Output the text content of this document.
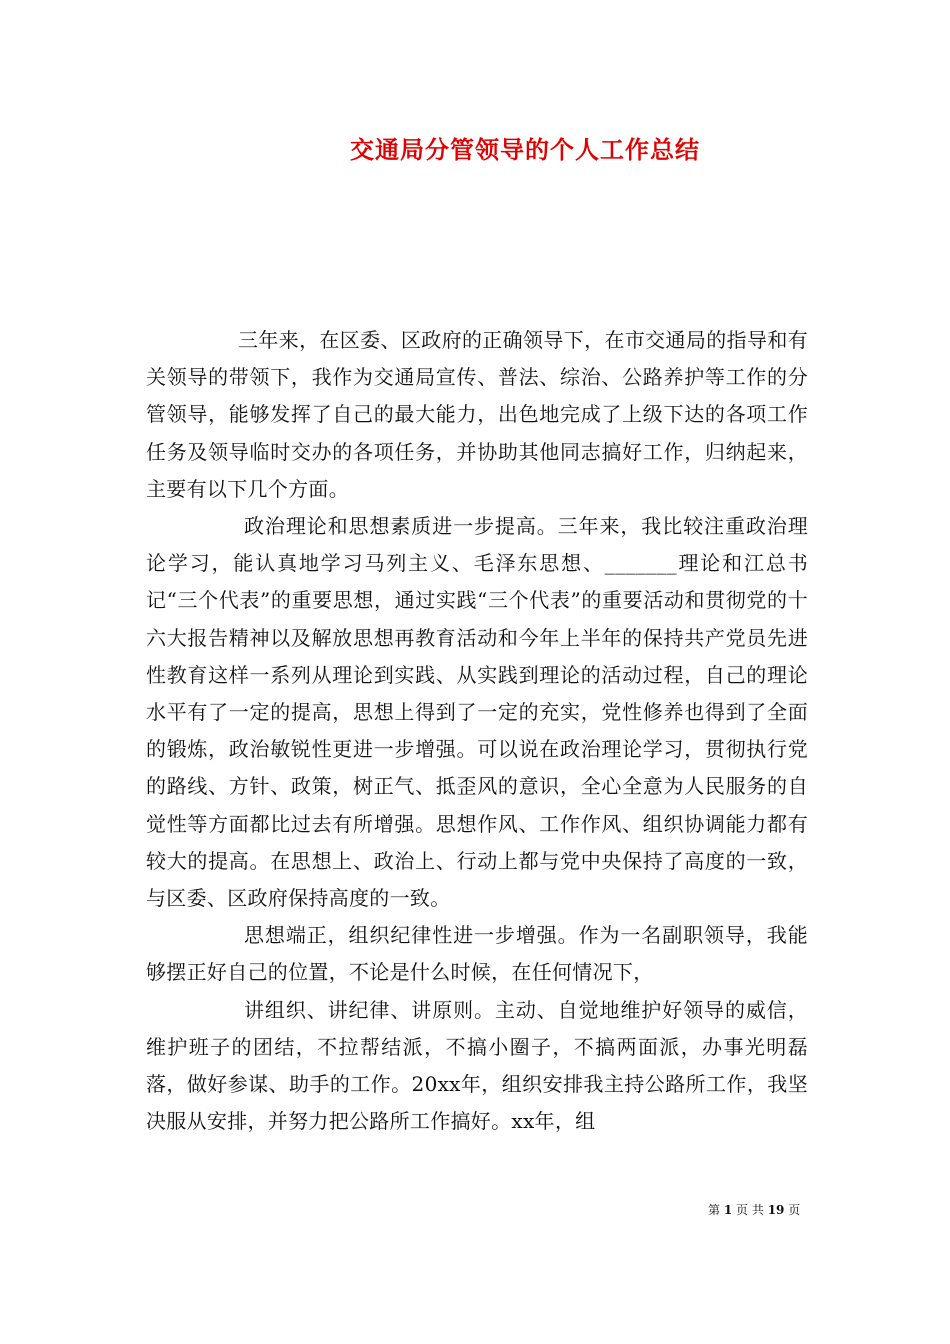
交通局分管领导的个人工作总结

三年来，在区委、区政府的正确领导下，在市交通局的指导和有关领导的带领下，我作为交通局宣传、普法、综治、公路养护等工作的分管领导，能够发挥了自己的最大能力，出色地完成了上级下达的各项工作任务及领导临时交办的各项任务，并协助其他同志搞好工作，归纳起来，主要有以下几个方面。

政治理论和思想素质进一步提高。三年来，我比较注重政治理论学习，能认真地学习马列主义、毛泽东思想、_______理论和江总书记“三个代表”的重要思想，通过实践“三个代表”的重要活动和贯彻党的十六大报告精神以及解放思想再教育活动和今年上半年的保持共产党员先进性教育这样一系列从理论到实践、从实践到理论的活动过程，自己的理论水平有了一定的提高，思想上得到了一定的充实，党性修养也得到了全面的锻炼，政治敏锐性更进一步增强。可以说在政治理论学习，贯彻执行党的路线、方针、政策，树正气、抵歪风的意识，全心全意为人民服务的自觉性等方面都比过去有所增强。思想作风、工作作风、组织协调能力都有较大的提高。在思想上、政治上、行动上都与党中央保持了高度的一致，与区委、区政府保持高度的一致。

思想端正，组织纪律性进一步增强。作为一名副职领导，我能够摆正好自己的位置，不论是什么时候，在任何情况下，

讲组织、讲纪律、讲原则。主动、自觉地维护好领导的威信，维护班子的团结，不拉帮结派，不搞小圈子，不搞两面派，办事光明磊落，做好参谋、助手的工作。20xx年，组织安排我主持公路所工作，我坚决服从安排，并努力把公路所工作搞好。xx年，组

第 1 页 共 19 页
